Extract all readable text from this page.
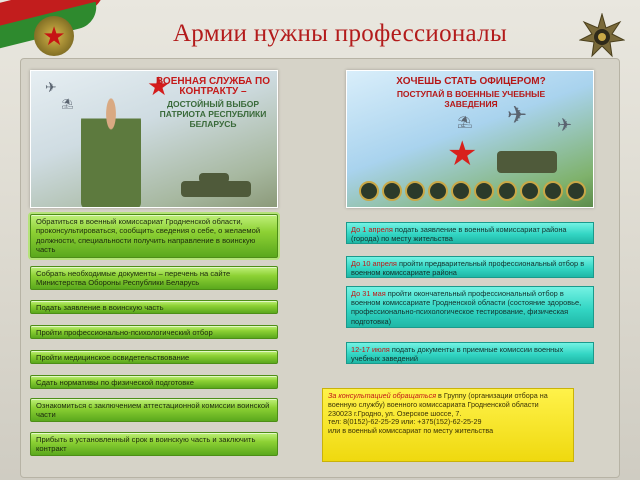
★	Армии нужны профессионалы
✈
⛱
★
ВОЕННАЯ СЛУЖБА ПО КОНТРАКТУ –
ДОСТОЙНЫЙ ВЫБОР ПАТРИОТА РЕСПУБЛИКИ БЕЛАРУСЬ
ХОЧЕШЬ СТАТЬ ОФИЦЕРОМ?
ПОСТУПАЙ В ВОЕННЫЕ УЧЕБНЫЕ ЗАВЕДЕНИЯ ✈ ✈
⛱
★
Обратиться в военный комиссариат Гродненской области, проконсультироваться, сообщить сведения о себе, о желаемой должности, специальности получить направление в воинскую часть
Собрать необходимые документы – перечень на сайте Министерства Обороны Республики Беларусь
Подать заявление в воинскую часть
Пройти профессионально-психологический отбор
Пройти медицинское освидетельствование
Сдать нормативы по физической подготовке
Ознакомиться с заключением аттестационной комиссии воинской части
Прибыть в установленный срок в воинскую часть и заключить контракт
До 1 апреля подать заявление в военный комиссариат района (города) по месту жительства
До 10 апреля пройти предварительный профессиональный отбор в военном комиссариате района
До 31 мая пройти окончательный профессиональный отбор в военном комиссариате Гродненской области (состояние здоровье, профессионально-психологическое тестирование, физическая подготовка)
12-17 июля подать документы в приемные комиссии военных учебных заведений
За консультацией обращаться в Группу (организации отбора на военную службу) военного комиссариата Гродненской области
230023 г.Гродно, ул. Озерское шоссе, 7.
тел: 8(0152)-62-25-29 или: +375(152)-62-25-29
или в военный комиссариат по месту жительства
